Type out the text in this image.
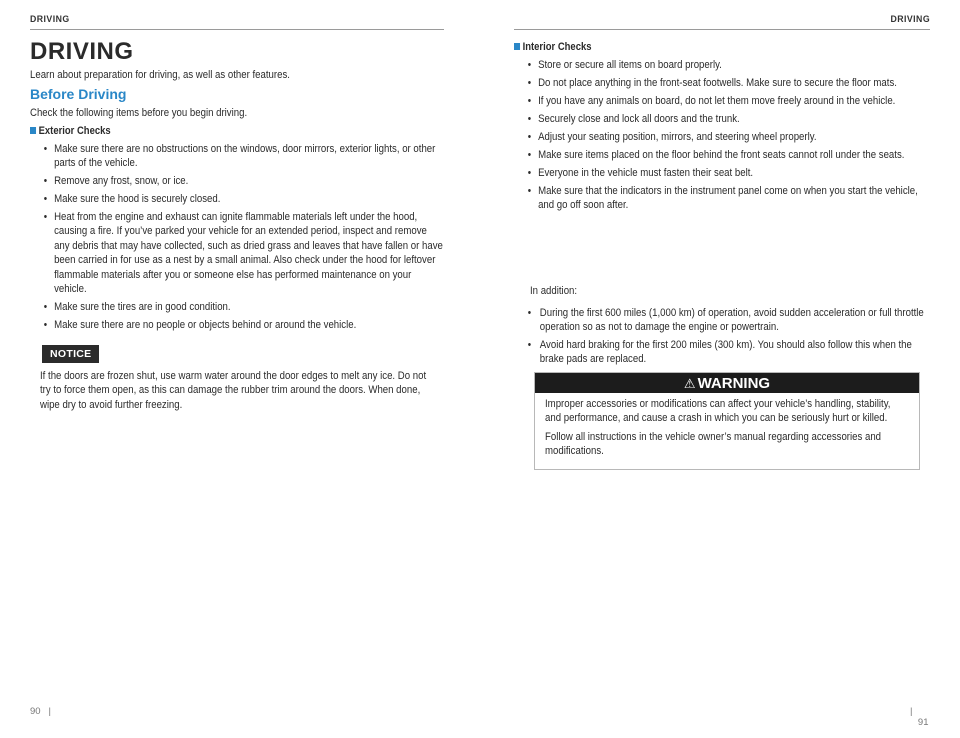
DRIVING
DRIVING
Learn about preparation for driving, as well as other features.
Before Driving
Check the following items before you begin driving.
Exterior Checks
• Make sure there are no obstructions on the windows, door mirrors, exterior lights, or other parts of the vehicle.
• Remove any frost, snow, or ice.
• Make sure the hood is securely closed.
• Heat from the engine and exhaust can ignite flammable materials left under the hood, causing a fire. If you’ve parked your vehicle for an extended period, inspect and remove any debris that may have collected, such as dried grass and leaves that have fallen or have been carried in for use as a nest by a small animal. Also check under the hood for leftover flammable materials after you or someone else has performed maintenance on your vehicle.
• Make sure the tires are in good condition.
• Make sure there are no people or objects behind or around the vehicle.
NOTICE
If the doors are frozen shut, use warm water around the door edges to melt any ice. Do not try to force them open, as this can damage the rubber trim around the doors. When done, wipe dry to avoid further freezing.
90   |
DRIVING
Interior Checks
• Store or secure all items on board properly.
• Do not place anything in the front-seat footwells. Make sure to secure the floor mats.
• If you have any animals on board, do not let them move freely around in the vehicle.
• Securely close and lock all doors and the trunk.
• Adjust your seating position, mirrors, and steering wheel properly.
• Make sure items placed on the floor behind the front seats cannot roll under the seats.
• Everyone in the vehicle must fasten their seat belt.
• Make sure that the indicators in the instrument panel come on when you start the vehicle, and go off soon after.
In addition:
• During the first 600 miles (1,000 km) of operation, avoid sudden acceleration or full throttle operation so as not to damage the engine or powertrain.
• Avoid hard braking for the first 200 miles (300 km). You should also follow this when the brake pads are replaced.
⚠ WARNING

Improper accessories or modifications can affect your vehicle’s handling, stability, and performance, and cause a crash in which you can be seriously hurt or killed.

Follow all instructions in the vehicle owner’s manual regarding accessories and modifications.

|   91
